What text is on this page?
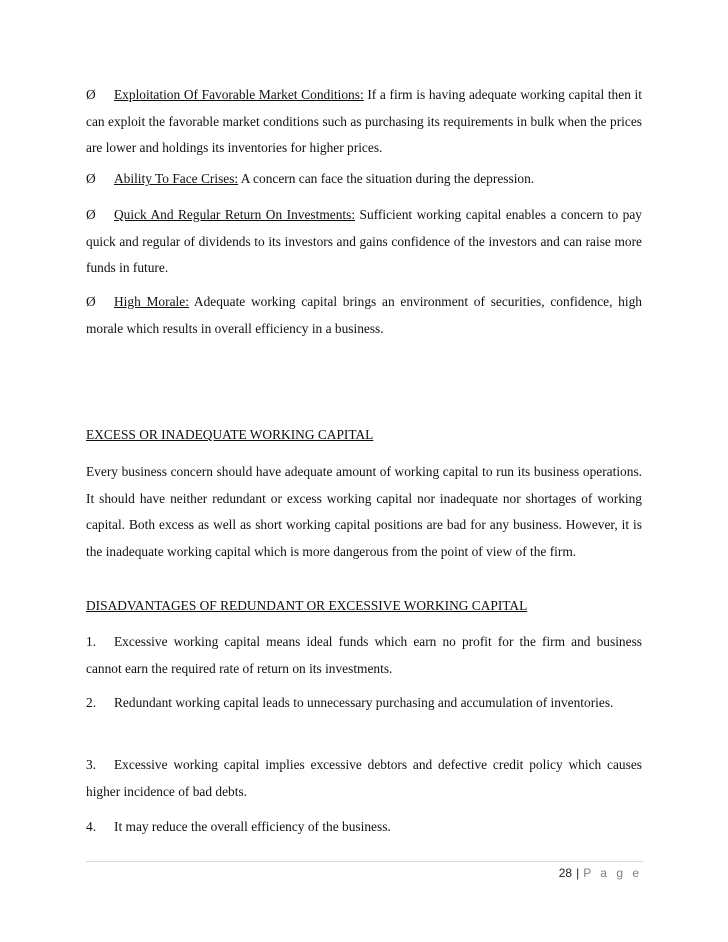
Ø Exploitation Of Favorable Market Conditions: If a firm is having adequate working capital then it can exploit the favorable market conditions such as purchasing its requirements in bulk when the prices are lower and holdings its inventories for higher prices.

Ø Ability To Face Crises: A concern can face the situation during the depression.

Ø Quick And Regular Return On Investments: Sufficient working capital enables a concern to pay quick and regular of dividends to its investors and gains confidence of the investors and can raise more funds in future.

Ø High Morale: Adequate working capital brings an environment of securities, confidence, high morale which results in overall efficiency in a business.

EXCESS OR INADEQUATE WORKING CAPITAL

Every business concern should have adequate amount of working capital to run its business operations. It should have neither redundant or excess working capital nor inadequate nor shortages of working capital. Both excess as well as short working capital positions are bad for any business. However, it is the inadequate working capital which is more dangerous from the point of view of the firm.

DISADVANTAGES OF REDUNDANT OR EXCESSIVE WORKING CAPITAL

1. Excessive working capital means ideal funds which earn no profit for the firm and business cannot earn the required rate of return on its investments.

2. Redundant working capital leads to unnecessary purchasing and accumulation of inventories.

3. Excessive working capital implies excessive debtors and defective credit policy which causes higher incidence of bad debts.

4. It may reduce the overall efficiency of the business.

28 | P a g e
